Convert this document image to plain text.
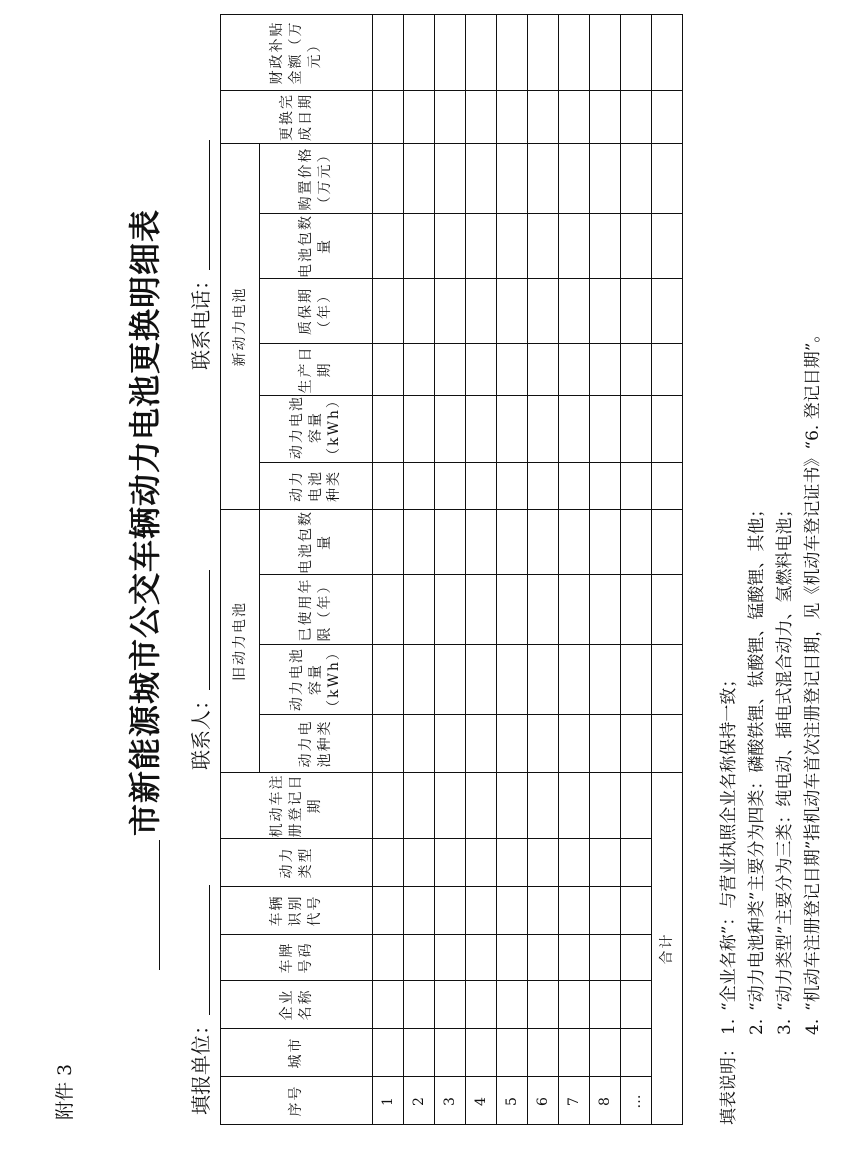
附件 3
市新能源城市公交车辆动力电池更换明细表
填报单位：
联系人：
联系电话：
序号	城市	企业名称	车牌号码	车辆识别代号	动力类型	机动车注册登记日期	旧动力电池				新动力电池						更换完成日期	财政补贴金额（万元）
							动力电池种类	动力电池容量（kWh）	已使用年限（年）	电池包数量	动力电池种类	动力电池容量（kWh）	生产日期	质保期（年）	电池包数量	购置价格（万元）		
1																		
2																		
3																		
4																		
5																		
6																		
7																		
8																		
…																		
合计																		
填表说明：
1.
“企业名称”：与营业执照企业名称保持一致；
2.
“动力电池种类”主要分为四类：磷酸铁锂、钛酸锂、锰酸锂、其他；
3.
“动力类型”主要分为三类：纯电动、插电式混合动力、氢燃料电池；
4.
“机动车注册登记日期”指机动车首次注册登记日期，见《机动车登记证书》“6. 登记日期”。
